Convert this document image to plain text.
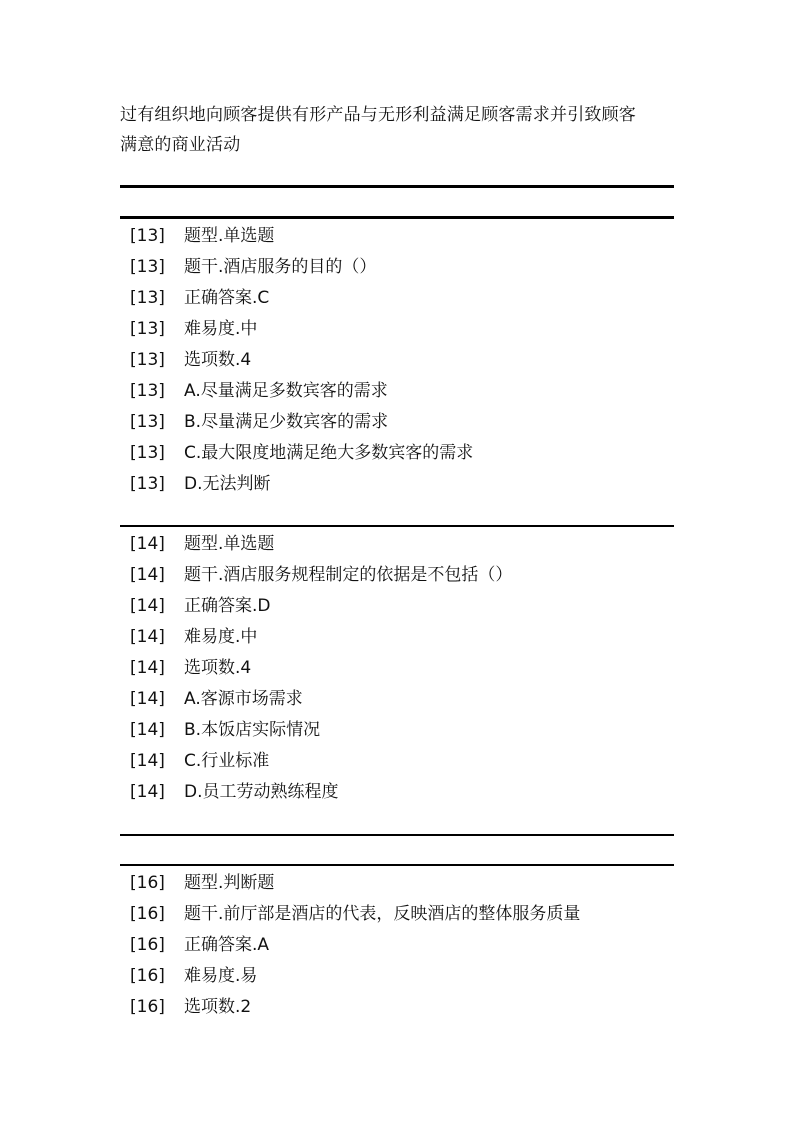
过有组织地向顾客提供有形产品与无形利益满足顾客需求并引致顾客
满意的商业活动
[13] 题型.单选题
[13] 题干.酒店服务的目的（）
[13] 正确答案.C
[13] 难易度.中
[13] 选项数.4
[13] A.尽量满足多数宾客的需求
[13] B.尽量满足少数宾客的需求
[13] C.最大限度地满足绝大多数宾客的需求
[13] D.无法判断
[14] 题型.单选题
[14] 题干.酒店服务规程制定的依据是不包括（）
[14] 正确答案.D
[14] 难易度.中
[14] 选项数.4
[14] A.客源市场需求
[14] B.本饭店实际情况
[14] C.行业标准
[14] D.员工劳动熟练程度
[16] 题型.判断题
[16] 题干.前厅部是酒店的代表，反映酒店的整体服务质量
[16] 正确答案.A
[16] 难易度.易
[16] 选项数.2
